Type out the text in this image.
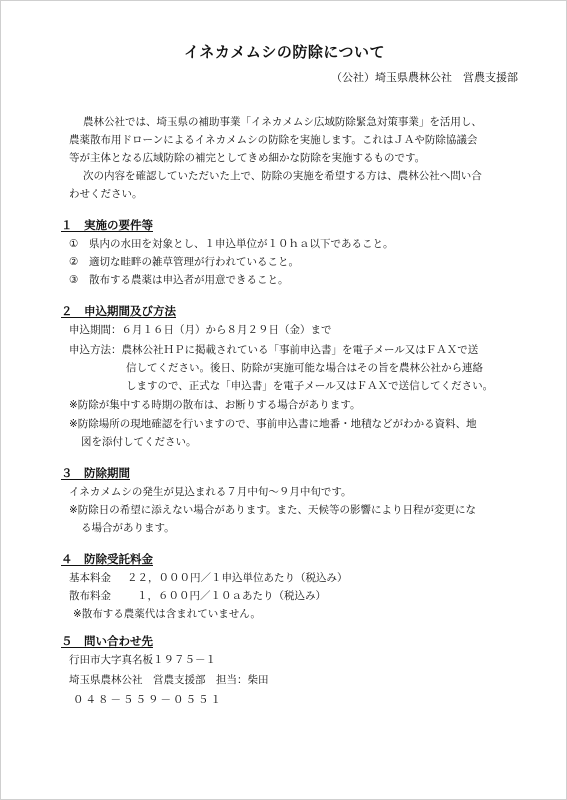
イネカメムシの防除について
（公社）埼玉県農林公社　営農支援部
農林公社では、埼玉県の補助事業「イネカメムシ広域防除緊急対策事業」を活用し、
農薬散布用ドローンによるイネカメムシの防除を実施します。これはＪＡや防除協議会
等が主体となる広域防除の補完としてきめ細かな防除を実施するものです。
次の内容を確認していただいた上で、防除の実施を希望する方は、農林公社へ問い合
わせください。
１　実施の要件等
① 県内の水田を対象とし、１申込単位が１０ｈａ以下であること。
② 適切な畦畔の雑草管理が行われていること。
③ 散布する農薬は申込者が用意できること。
２　申込期間及び方法
申込期間：６月１６日（月）から８月２９日（金）まで
申込方法：農林公社ＨＰに掲載されている「事前申込書」を電子メール又はＦＡＸで送
信してください。後日、防除が実施可能な場合はその旨を農林公社から連絡
しますので、正式な「申込書」を電子メール又はＦＡＸで送信してください。
※防除が集中する時期の散布は、お断りする場合があります。
※防除場所の現地確認を行いますので、事前申込書に地番・地積などがわかる資料、地
図を添付してください。
３　防除期間
イネカメムシの発生が見込まれる７月中旬～９月中旬です。
※防除日の希望に添えない場合があります。また、天候等の影響により日程が変更にな
る場合があります。
４　防除受託料金
基本料金 ２２，０００円／１申込単位あたり（税込み）
散布料金 １，６００円／１０ａあたり（税込み）
※散布する農薬代は含まれていません。
５　問い合わせ先
行田市大字真名板１９７５－１
埼玉県農林公社　営農支援部　担当：柴田
０４８－５５９－０５５１
